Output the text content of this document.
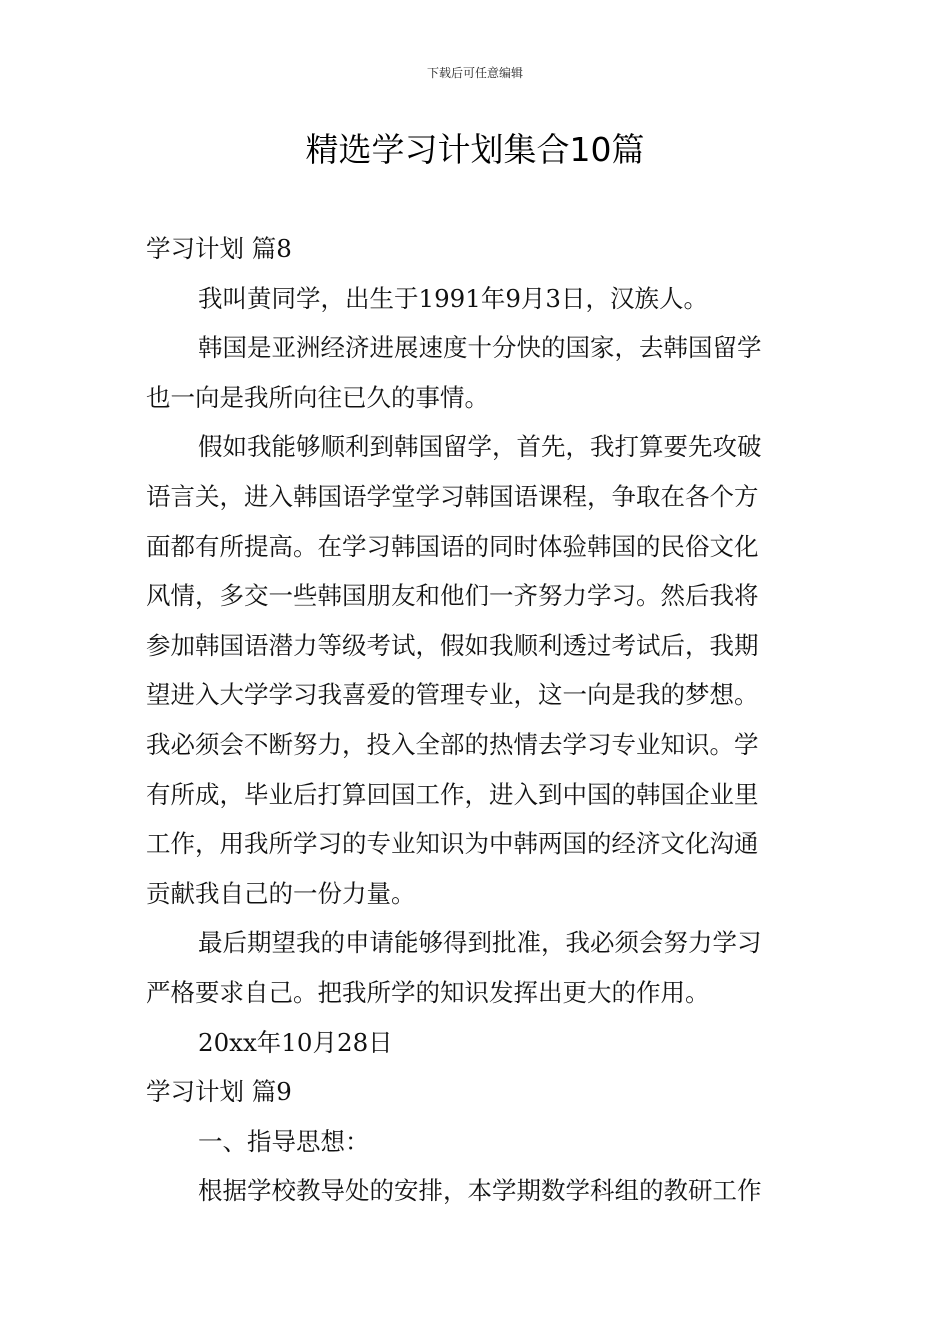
下载后可任意编辑
精选学习计划集合10篇

学习计划 篇8

我叫黄同学，出生于1991年9月3日，汉族人。

韩国是亚洲经济进展速度十分快的国家，去韩国留学

也一向是我所向往已久的事情。

假如我能够顺利到韩国留学，首先，我打算要先攻破

语言关，进入韩国语学堂学习韩国语课程，争取在各个方

面都有所提高。在学习韩国语的同时体验韩国的民俗文化

风情，多交一些韩国朋友和他们一齐努力学习。然后我将

参加韩国语潜力等级考试，假如我顺利透过考试后，我期

望进入大学学习我喜爱的管理专业，这一向是我的梦想。

我必须会不断努力，投入全部的热情去学习专业知识。学

有所成，毕业后打算回国工作，进入到中国的韩国企业里

工作，用我所学习的专业知识为中韩两国的经济文化沟通

贡献我自己的一份力量。

最后期望我的申请能够得到批准，我必须会努力学习

严格要求自己。把我所学的知识发挥出更大的作用。

20xx年10月28日

学习计划 篇9

一、指导思想：

根据学校教导处的安排，本学期数学科组的教研工作
